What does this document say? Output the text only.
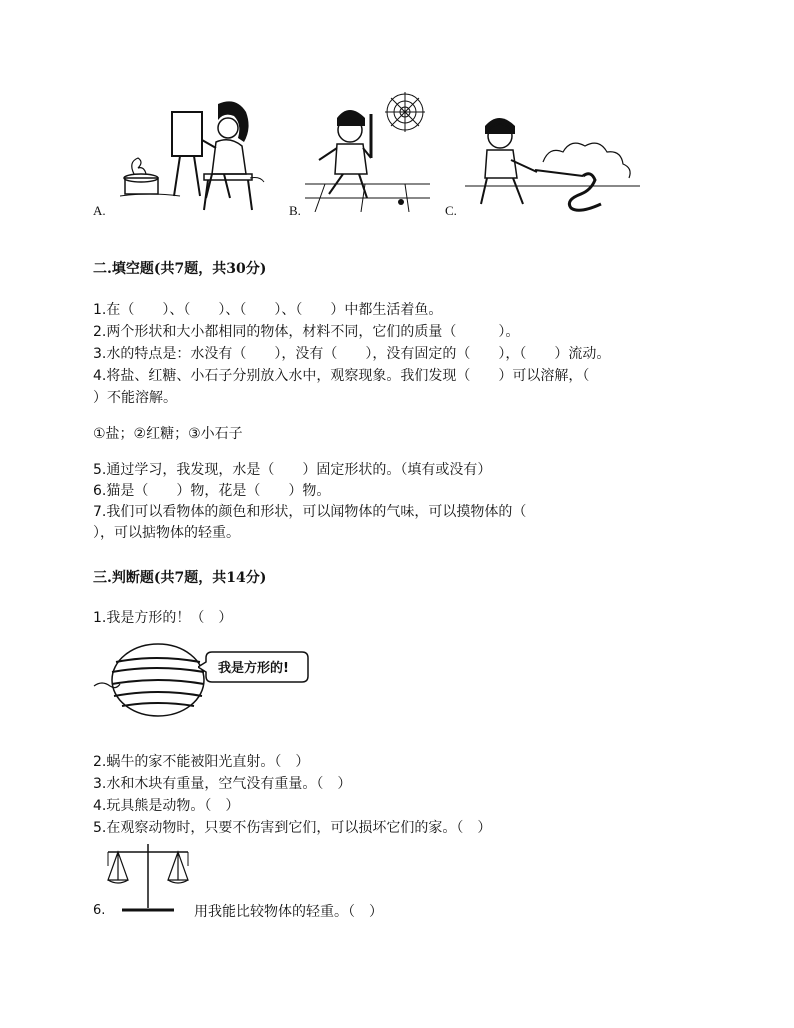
A.	B.	C.
二.填空题(共7题，共30分)
1.在（　　）、（　　）、（　　）、（　　）中都生活着鱼。
2.两个形状和大小都相同的物体，材料不同，它们的质量（　　　）。
3.水的特点是：水没有（　　），没有（　　），没有固定的（　　），（　　）流动。
4.将盐、红糖、小石子分别放入水中，观察现象。我们发现（　　）可以溶解，（
）不能溶解。
①盐；②红糖；③小石子
5.通过学习，我发现，水是（　　）固定形状的。（填有或没有）
6.猫是（　　）物，花是（　　）物。
7.我们可以看物体的颜色和形状，可以闻物体的气味，可以摸物体的（
），可以掂物体的轻重。
三.判断题(共7题，共14分)
1.我是方形的！（　）
我是方形的!
2.蜗牛的家不能被阳光直射。（　）
3.水和木块有重量，空气没有重量。（　）
4.玩具熊是动物。（　）
5.在观察动物时，只要不伤害到它们，可以损坏它们的家。（　）
6.	用我能比较物体的轻重。（　）
